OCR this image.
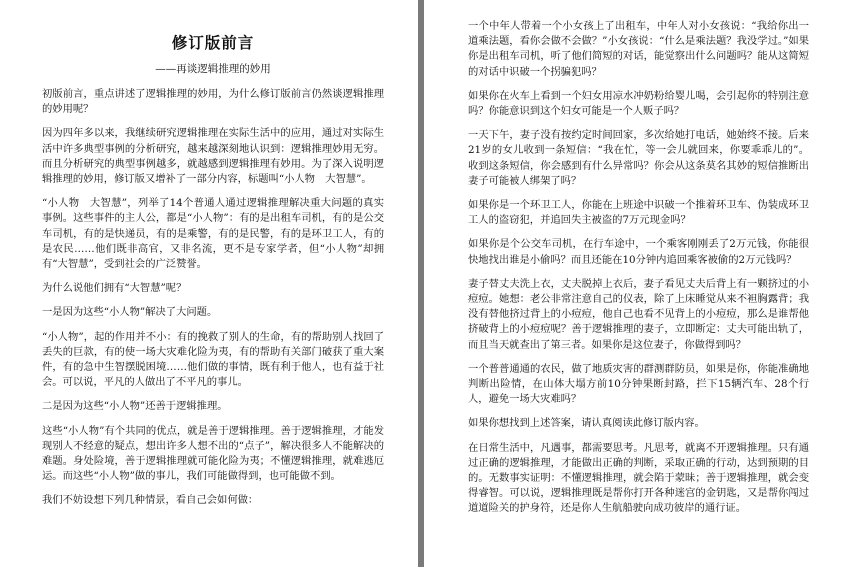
修订版前言
——再谈逻辑推理的妙用

初版前言，重点讲述了逻辑推理的妙用，为什么修订版前言仍然谈逻辑推理的妙用呢？

因为四年多以来，我继续研究逻辑推理在实际生活中的应用，通过对实际生活中许多典型事例的分析研究，越来越深刻地认识到：逻辑推理妙用无穷。而且分析研究的典型事例越多，就越感到逻辑推理有妙用。为了深入说明逻辑推理的妙用，修订版又增补了一部分内容，标题叫“小人物　大智慧”。

“小人物　大智慧”，列举了14个普通人通过逻辑推理解决重大问题的真实事例。这些事件的主人公，都是“小人物”：有的是出租车司机，有的是公交车司机，有的是快递员，有的是乘警，有的是民警，有的是环卫工人，有的是农民……他们既非高官，又非名流，更不是专家学者，但“小人物”却拥有“大智慧”，受到社会的广泛赞誉。

为什么说他们拥有“大智慧”呢？

一是因为这些“小人物”解决了大问题。

“小人物”，起的作用并不小：有的挽救了别人的生命，有的帮助别人找回了丢失的巨款，有的使一场大灾难化险为夷，有的帮助有关部门破获了重大案件，有的急中生智摆脱困境……他们做的事情，既有利于他人，也有益于社会。可以说，平凡的人做出了不平凡的事儿。

二是因为这些“小人物”还善于逻辑推理。

这些“小人物”有个共同的优点，就是善于逻辑推理。善于逻辑推理，才能发现别人不经意的疑点，想出许多人想不出的“点子”，解决很多人不能解决的难题。身处险境，善于逻辑推理就可能化险为夷；不懂逻辑推理，就难逃厄运。而这些“小人物”做的事儿，我们可能做得到，也可能做不到。

我们不妨设想下列几种情景，看自己会如何做：

一个中年人带着一个小女孩上了出租车，中年人对小女孩说：“我给你出一道乘法题，看你会做不会做？”小女孩说：“什么是乘法题？我没学过。”如果你是出租车司机，听了他们简短的对话，能觉察出什么问题吗？能从这简短的对话中识破一个拐骗犯吗？

如果你在火车上看到一个妇女用凉水冲奶粉给婴儿喝，会引起你的特别注意吗？你能意识到这个妇女可能是一个人贩子吗？

一天下午，妻子没有按约定时间回家，多次给她打电话，她始终不接。后来21岁的女儿收到一条短信：“我在忙，等一会儿就回来，你要乖乖儿的”。收到这条短信，你会感到有什么异常吗？你会从这条莫名其妙的短信推断出妻子可能被人绑架了吗？

如果你是一个环卫工人，你能在上班途中识破一个推着环卫车、伪装成环卫工人的盗窃犯，并追回失主被盗的7万元现金吗？

如果你是个公交车司机，在行车途中，一个乘客刚刚丢了2万元钱，你能很快地找出谁是小偷吗？而且还能在10分钟内追回乘客被偷的2万元钱吗？

妻子替丈夫洗上衣，丈夫脱掉上衣后，妻子看见丈夫后背上有一颗挤过的小痘痘。她想：老公非常注意自己的仪表，除了上床睡觉从来不袒胸露背；我没有替他挤过背上的小痘痘，他自己也看不见背上的小痘痘，那么是谁帮他挤破背上的小痘痘呢？善于逻辑推理的妻子，立即断定：丈夫可能出轨了，而且当天就查出了第三者。如果你是这位妻子，你做得到吗？

一个普普通通的农民，做了地质灾害的群测群防员，如果是你，你能准确地判断出险情，在山体大塌方前10分钟果断封路，拦下15辆汽车、28个行人，避免一场大灾难吗？

如果你想找到上述答案，请认真阅读此修订版内容。

在日常生活中，凡遇事，都需要思考。凡思考，就离不开逻辑推理。只有通过正确的逻辑推理，才能做出正确的判断，采取正确的行动，达到预期的目的。无数事实证明：不懂逻辑推理，就会陷于蒙昧；善于逻辑推理，就会变得睿智。可以说，逻辑推理既是帮你打开各种迷宫的金钥匙，又是帮你闯过道道险关的护身符，还是你人生航船驶向成功彼岸的通行证。
